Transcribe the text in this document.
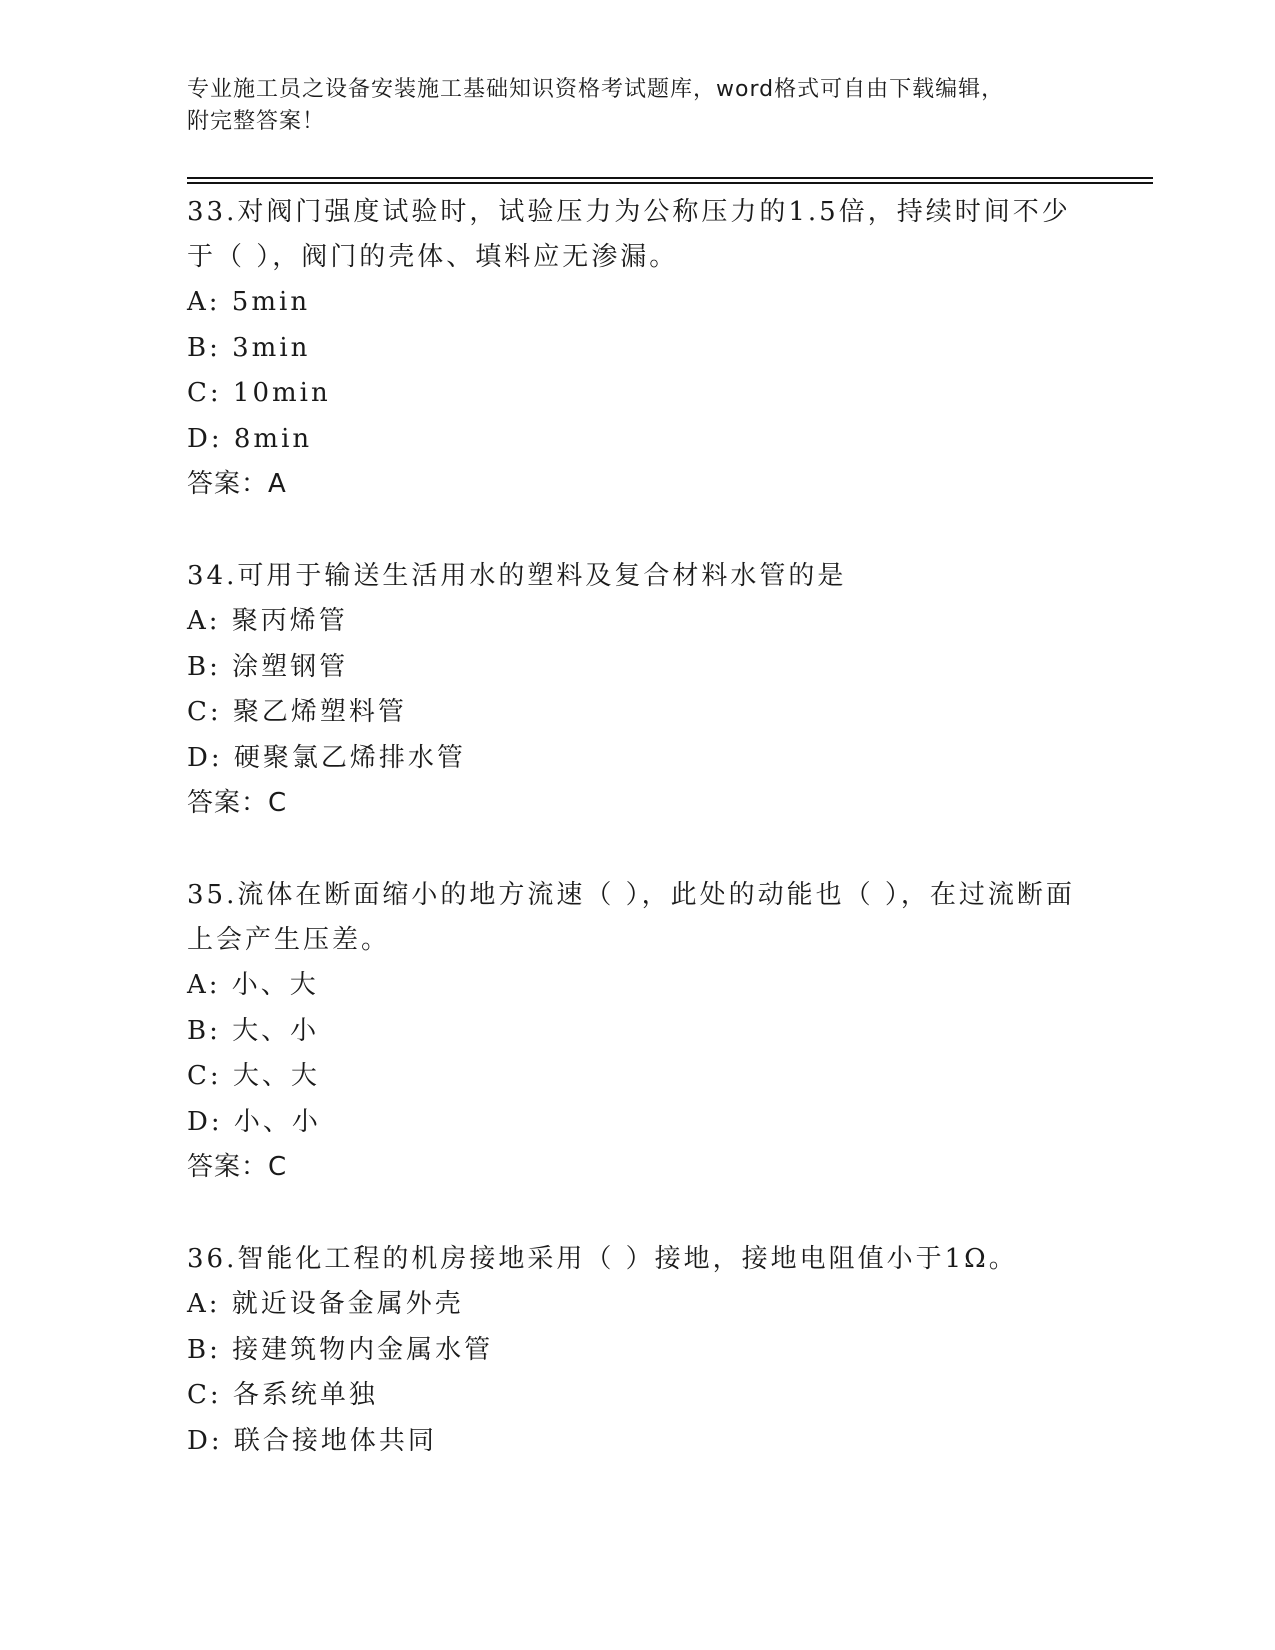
专业施工员之设备安装施工基础知识资格考试题库，word格式可自由下载编辑，
附完整答案！

33.对阀门强度试验时，试验压力为公称压力的1.5倍，持续时间不少于（ ），阀门的壳体、填料应无渗漏。

A: 5min

B: 3min

C: 10min

D: 8min

答案：A

34.可用于输送生活用水的塑料及复合材料水管的是

A: 聚丙烯管

B: 涂塑钢管

C: 聚乙烯塑料管

D: 硬聚氯乙烯排水管

答案：C

35.流体在断面缩小的地方流速（ ），此处的动能也（ ），在过流断面上会产生压差。

A: 小、大

B: 大、小

C: 大、大

D: 小、小

答案：C

36.智能化工程的机房接地采用（ ）接地，接地电阻值小于1Ω。

A: 就近设备金属外壳

B: 接建筑物内金属水管

C: 各系统单独

D: 联合接地体共同
